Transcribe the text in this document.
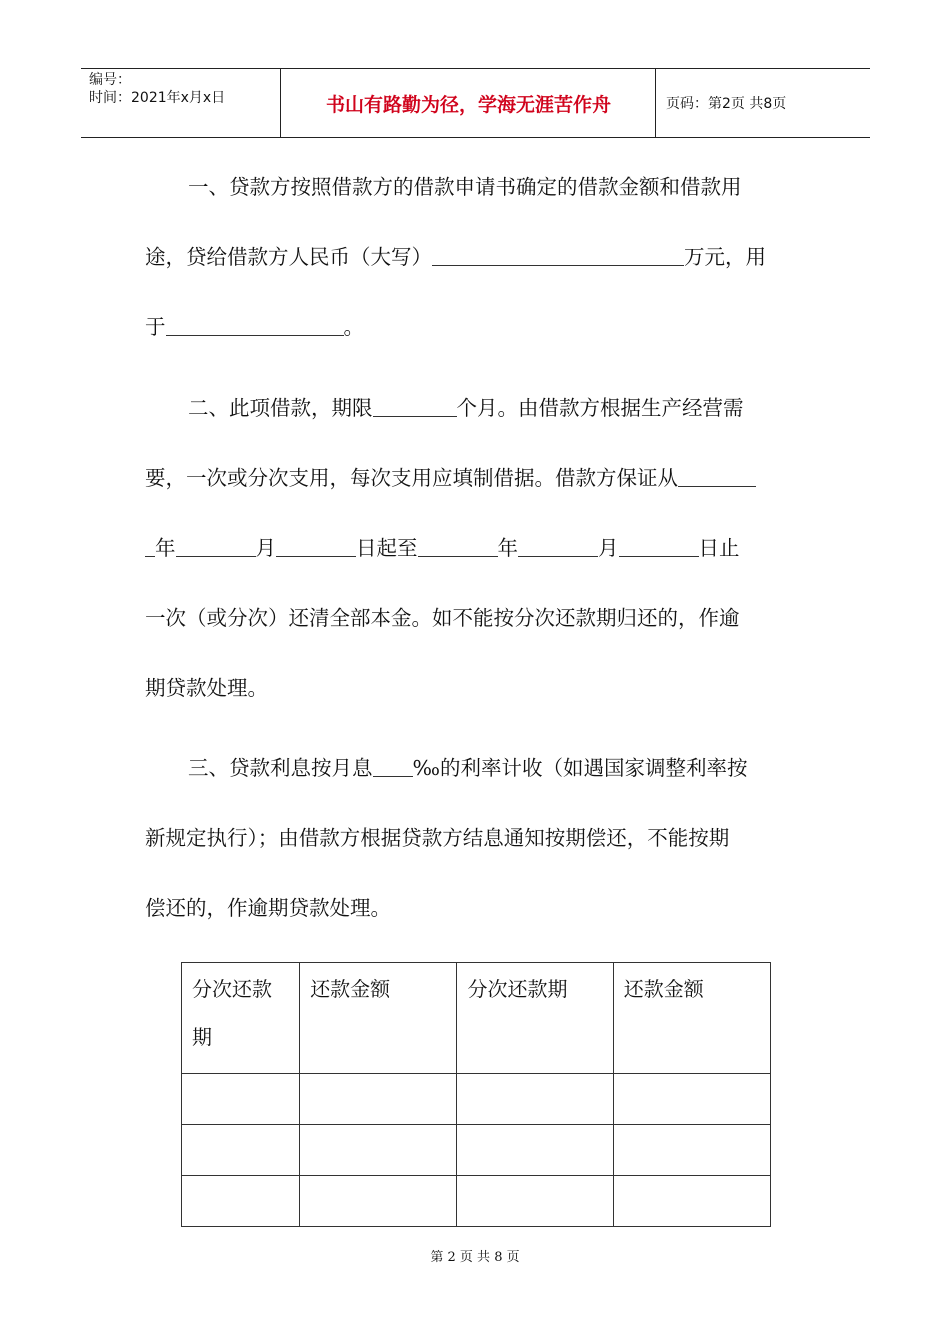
编号：
时间：2021年x月x日	书山有路勤为径，学海无涯苦作舟	页码：第2页 共8页
一、贷款方按照借款方的借款申请书确定的借款金额和借款用
途，贷给借款方人民币（大写）	万元，用
于	。
二、此项借款，期限	个月。由借款方根据生产经营需
要，一次或分次支用，每次支用应填制借据。借款方保证从
年	月	日起至	年	月	日止
一次（或分次）还清全部本金。如不能按分次还款期归还的，作逾
期贷款处理。
三、贷款利息按月息 ‰的利率计收（如遇国家调整利率按
新规定执行）；由借款方根据贷款方结息通知按期偿还，不能按期
偿还的，作逾期贷款处理。
分次还款期	还款金额	分次还款期	还款金额

第 2 页 共 8 页
